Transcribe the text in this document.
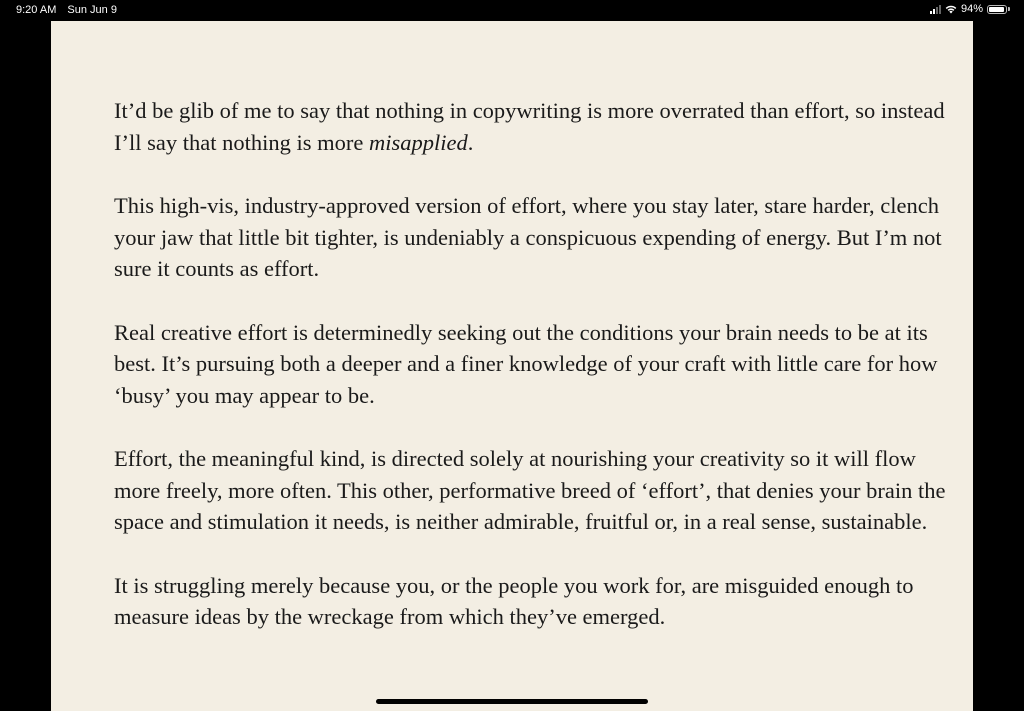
9:20 AM Sun Jun 9	94%

It’d be glib of me to say that nothing in copywriting is more overrated than effort, so instead I’ll say that nothing is more misapplied.

This high-vis, industry-approved version of effort, where you stay later, stare harder, clench your jaw that little bit tighter, is undeniably a conspicuous expending of energy. But I’m not sure it counts as effort.

Real creative effort is determinedly seeking out the conditions your brain needs to be at its best. It’s pursuing both a deeper and a finer knowledge of your craft with little care for how ‘busy’ you may appear to be.

Effort, the meaningful kind, is directed solely at nourishing your creativity so it will flow more freely, more often. This other, performative breed of ‘effort’, that denies your brain the space and stimulation it needs, is neither admirable, fruitful or, in a real sense, sustainable.

It is struggling merely because you, or the people you work for, are misguided enough to measure ideas by the wreckage from which they’ve emerged.
